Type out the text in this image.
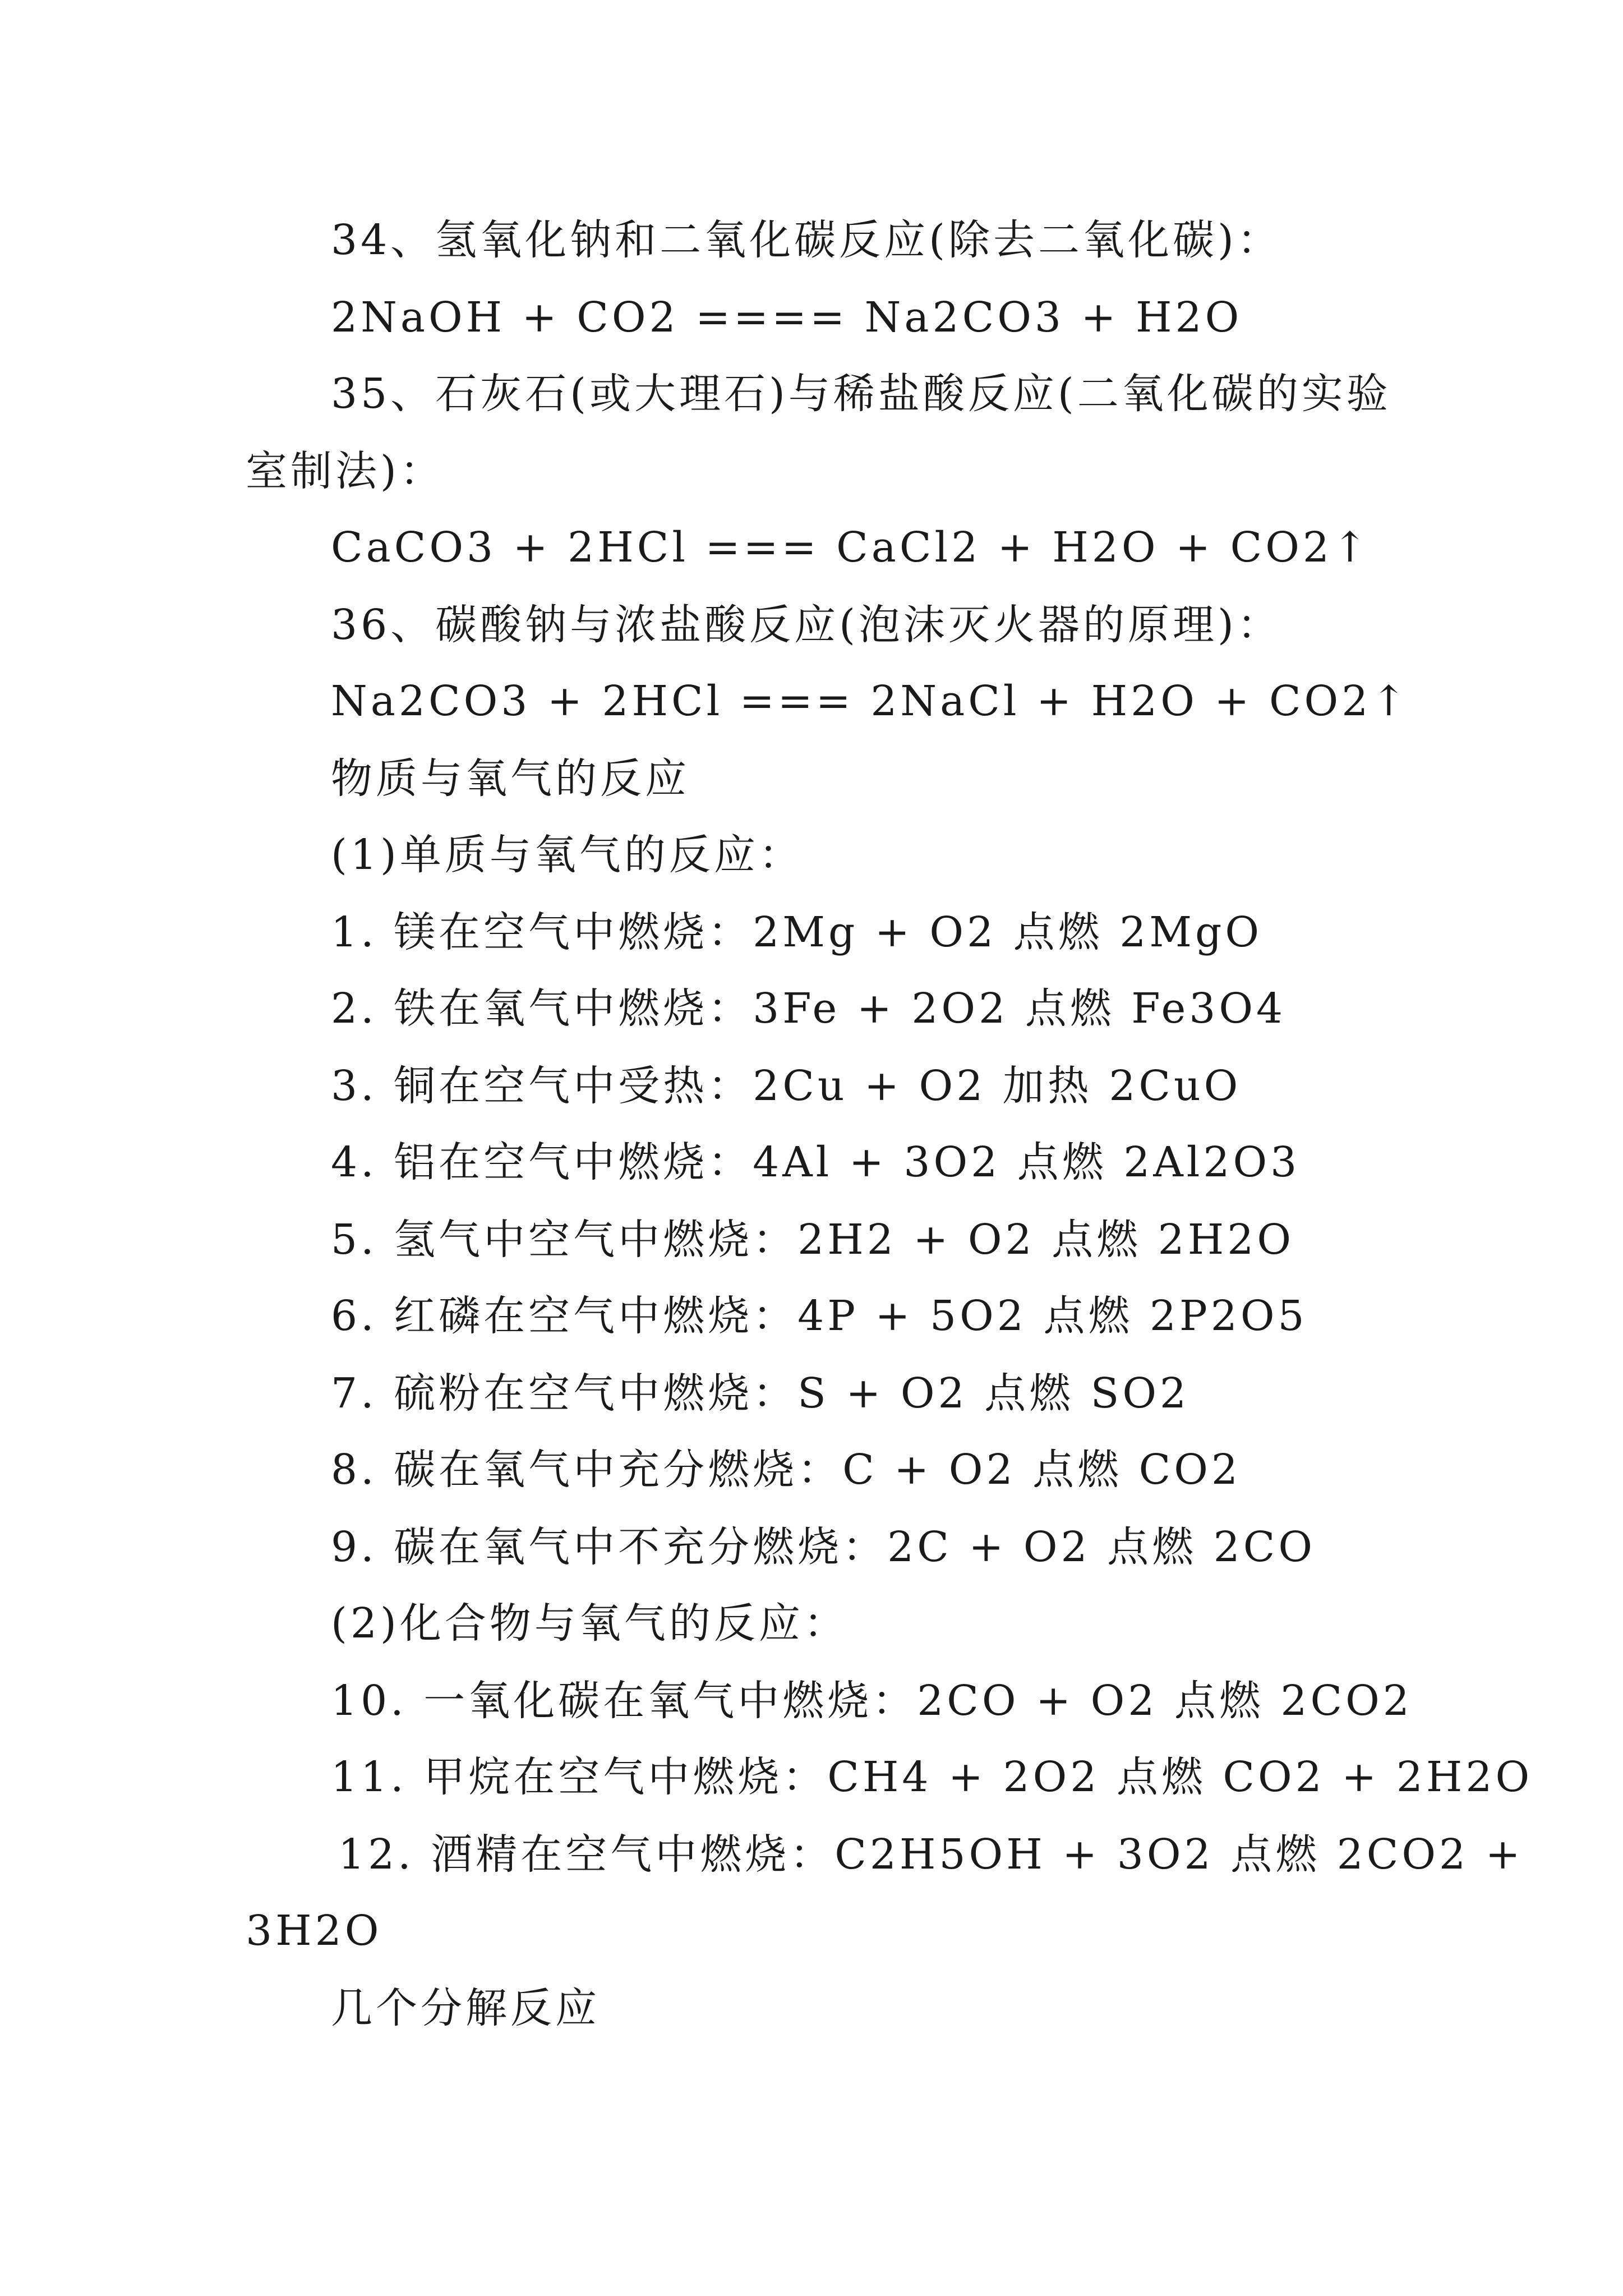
34、氢氧化钠和二氧化碳反应(除去二氧化碳)：
2NaOH + CO2 ==== Na2CO3 + H2O
35、石灰石(或大理石)与稀盐酸反应(二氧化碳的实验
室制法)：
CaCO3 + 2HCl === CaCl2 + H2O + CO2↑
36、碳酸钠与浓盐酸反应(泡沫灭火器的原理)：
Na2CO3 + 2HCl === 2NaCl + H2O + CO2↑
物质与氧气的反应
(1)单质与氧气的反应：
1. 镁在空气中燃烧：2Mg + O2 点燃 2MgO
2. 铁在氧气中燃烧：3Fe + 2O2 点燃 Fe3O4
3. 铜在空气中受热：2Cu + O2 加热 2CuO
4. 铝在空气中燃烧：4Al + 3O2 点燃 2Al2O3
5. 氢气中空气中燃烧：2H2 + O2 点燃 2H2O
6. 红磷在空气中燃烧：4P + 5O2 点燃 2P2O5
7. 硫粉在空气中燃烧：S + O2 点燃 SO2
8. 碳在氧气中充分燃烧：C + O2 点燃 CO2
9. 碳在氧气中不充分燃烧：2C + O2 点燃 2CO
(2)化合物与氧气的反应：
10. 一氧化碳在氧气中燃烧：2CO + O2 点燃 2CO2
11. 甲烷在空气中燃烧：CH4 + 2O2 点燃 CO2 + 2H2O
12. 酒精在空气中燃烧：C2H5OH + 3O2 点燃 2CO2 +
3H2O
几个分解反应
